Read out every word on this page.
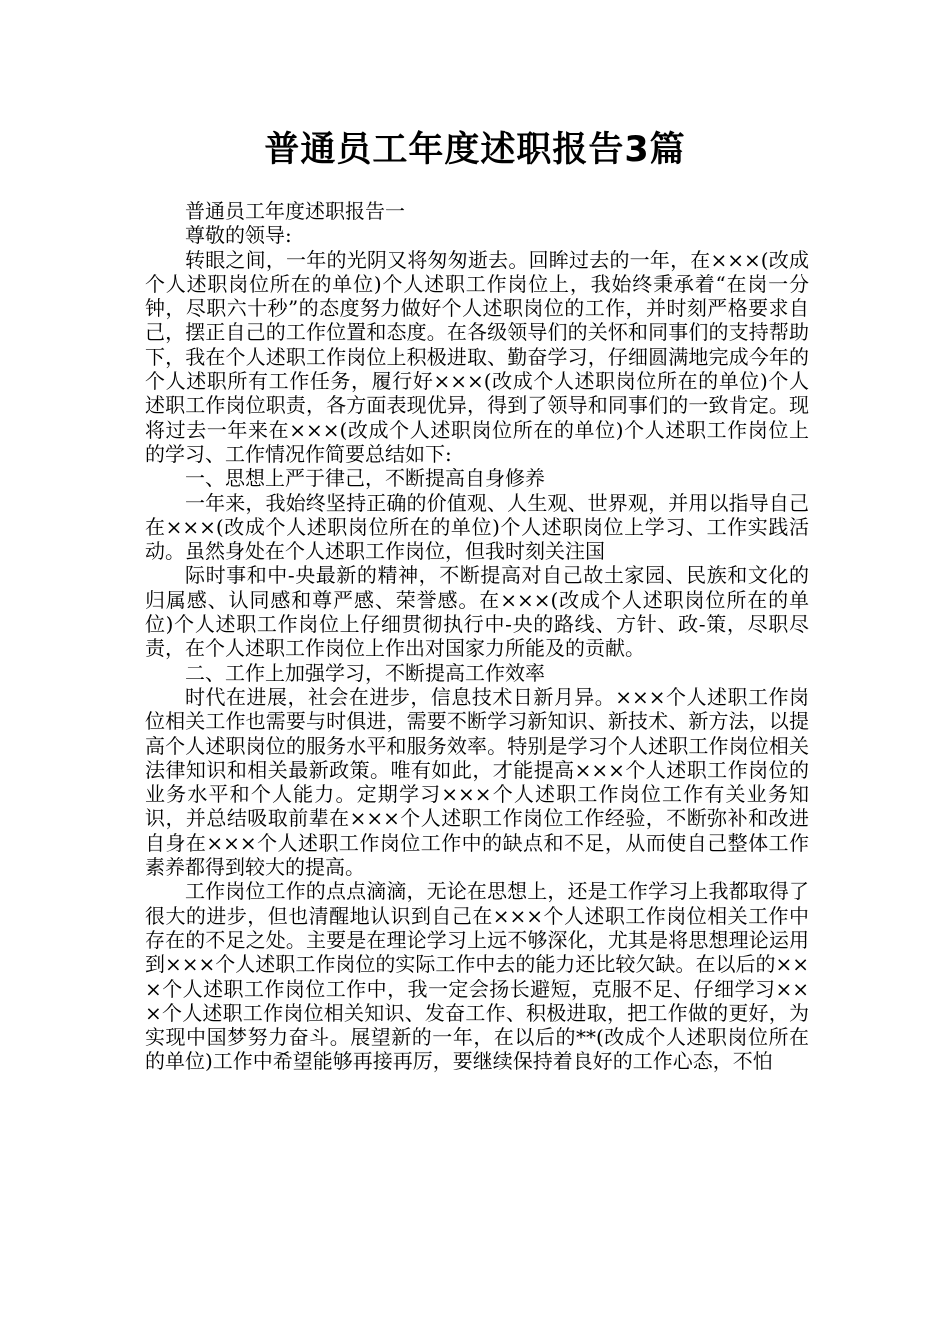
普通员工年度述职报告3篇

普通员工年度述职报告一

尊敬的领导:

转眼之间，一年的光阴又将匆匆逝去。回眸过去的一年，在×××(改成个人述职岗位所在的单位)个人述职工作岗位上，我始终秉承着“在岗一分钟，尽职六十秒”的态度努力做好个人述职岗位的工作，并时刻严格要求自己，摆正自己的工作位置和态度。在各级领导们的关怀和同事们的支持帮助下，我在个人述职工作岗位上积极进取、勤奋学习，仔细圆满地完成今年的个人述职所有工作任务，履行好×××(改成个人述职岗位所在的单位)个人述职工作岗位职责，各方面表现优异，得到了领导和同事们的一致肯定。现将过去一年来在×××(改成个人述职岗位所在的单位)个人述职工作岗位上的学习、工作情况作简要总结如下:

一、思想上严于律己，不断提高自身修养

一年来，我始终坚持正确的价值观、人生观、世界观，并用以指导自己在×××(改成个人述职岗位所在的单位)个人述职岗位上学习、工作实践活动。虽然身处在个人述职工作岗位，但我时刻关注国

际时事和中-央最新的精神，不断提高对自己故土家园、民族和文化的归属感、认同感和尊严感、荣誉感。在×××(改成个人述职岗位所在的单位)个人述职工作岗位上仔细贯彻执行中-央的路线、方针、政-策，尽职尽责，在个人述职工作岗位上作出对国家力所能及的贡献。

二、工作上加强学习，不断提高工作效率

时代在进展，社会在进步，信息技术日新月异。×××个人述职工作岗位相关工作也需要与时俱进，需要不断学习新知识、新技术、新方法，以提高个人述职岗位的服务水平和服务效率。特别是学习个人述职工作岗位相关法律知识和相关最新政策。唯有如此，才能提高×××个人述职工作岗位的业务水平和个人能力。定期学习×××个人述职工作岗位工作有关业务知识，并总结吸取前辈在×××个人述职工作岗位工作经验，不断弥补和改进自身在×××个人述职工作岗位工作中的缺点和不足，从而使自己整体工作素养都得到较大的提高。

工作岗位工作的点点滴滴，无论在思想上，还是工作学习上我都取得了很大的进步，但也清醒地认识到自己在×××个人述职工作岗位相关工作中存在的不足之处。主要是在理论学习上远不够深化，尤其是将思想理论运用到×××个人述职工作岗位的实际工作中去的能力还比较欠缺。在以后的×××个人述职工作岗位工作中，我一定会扬长避短，克服不足、仔细学习×××个人述职工作岗位相关知识、发奋工作、积极进取，把工作做的更好，为实现中国梦努力奋斗。展望新的一年，在以后的**(改成个人述职岗位所在的单位)工作中希望能够再接再厉，要继续保持着良好的工作心态，不怕
